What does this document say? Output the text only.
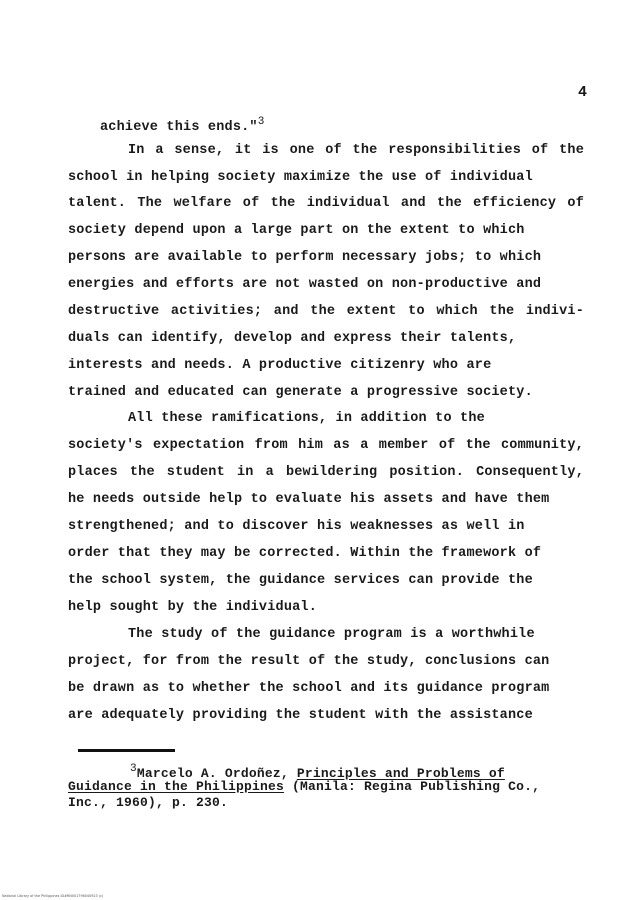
4
achieve this ends."$^3$
In a sense, it is one of the responsibilities of the
school in helping society maximize the use of individual
talent. The welfare of the individual and the efficiency of
society depend upon a large part on the extent to which
persons are available to perform necessary jobs; to which
energies and efforts are not wasted on non-productive and
destructive activities; and the extent to which the indivi-
duals can identify, develop and express their talents,
interests and needs. A productive citizenry who are
trained and educated can generate a progressive society.
All these ramifications, in addition to the
society's expectation from him as a member of the community,
places the student in a bewildering position. Consequently,
he needs outside help to evaluate his assets and have them
strengthened; and to discover his weaknesses as well in
order that they may be corrected. Within the framework of
the school system, the guidance services can provide the
help sought by the individual.
The study of the guidance program is a worthwhile
project, for from the result of the study, conclusions can
be drawn as to whether the school and its guidance program
are adequately providing the student with the assistance
$^3$Marcelo A. Ordoñez, Principles and Problems of
Guidance in the Philippines (Manila: Regina Publishing Co.,
Inc., 1960), p. 230.
National Library of the Philippines ID#RN001796040923 (c)
